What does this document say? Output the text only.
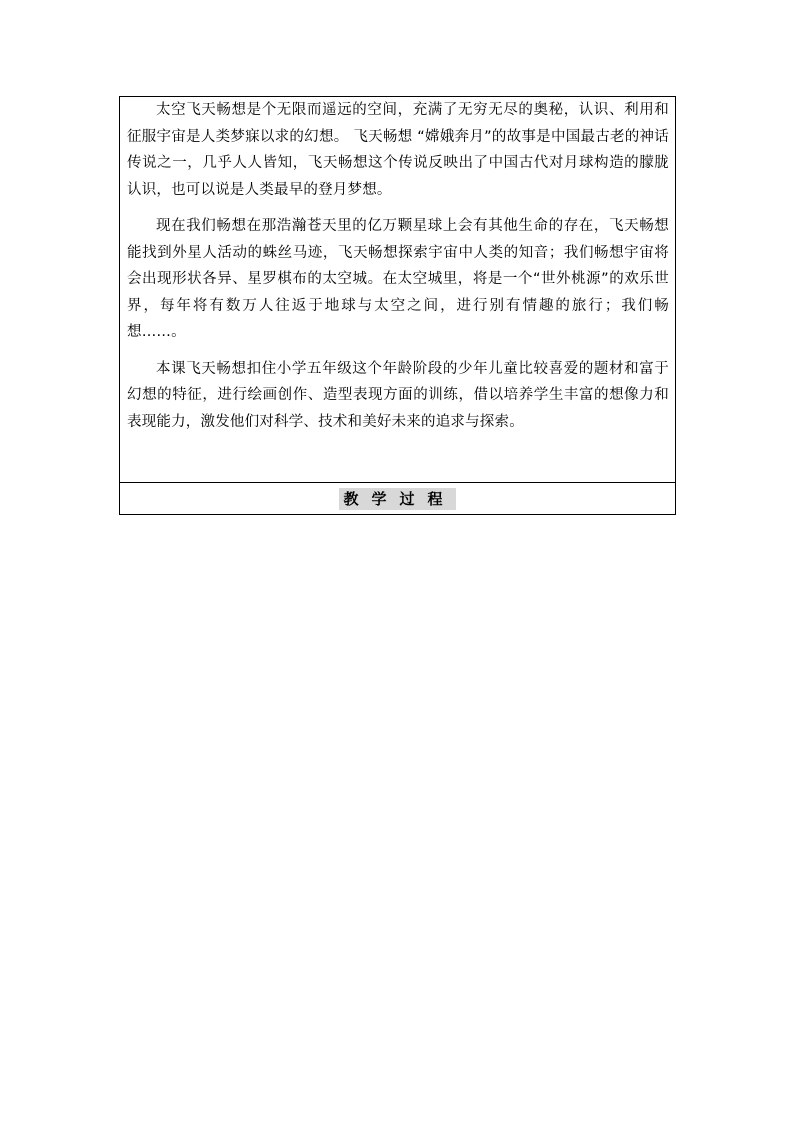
太空飞天畅想是个无限而遥远的空间，充满了无穷无尽的奥秘，认识、利用和征服宇宙是人类梦寐以求的幻想。 飞天畅想 “嫦娥奔月”的故事是中国最古老的神话传说之一，几乎人人皆知，飞天畅想这个传说反映出了中国古代对月球构造的朦胧认识，也可以说是人类最早的登月梦想。

现在我们畅想在那浩瀚苍天里的亿万颗星球上会有其他生命的存在，飞天畅想能找到外星人活动的蛛丝马迹，飞天畅想探索宇宙中人类的知音；我们畅想宇宙将会出现形状各异、星罗棋布的太空城。在太空城里，将是一个“世外桃源”的欢乐世界，每年将有数万人往返于地球与太空之间，进行别有情趣的旅行；我们畅想……。

本课飞天畅想扣住小学五年级这个年龄阶段的少年儿童比较喜爱的题材和富于幻想的特征，进行绘画创作、造型表现方面的训练，借以培养学生丰富的想像力和表现能力，激发他们对科学、技术和美好未来的追求与探索。

教学过程
